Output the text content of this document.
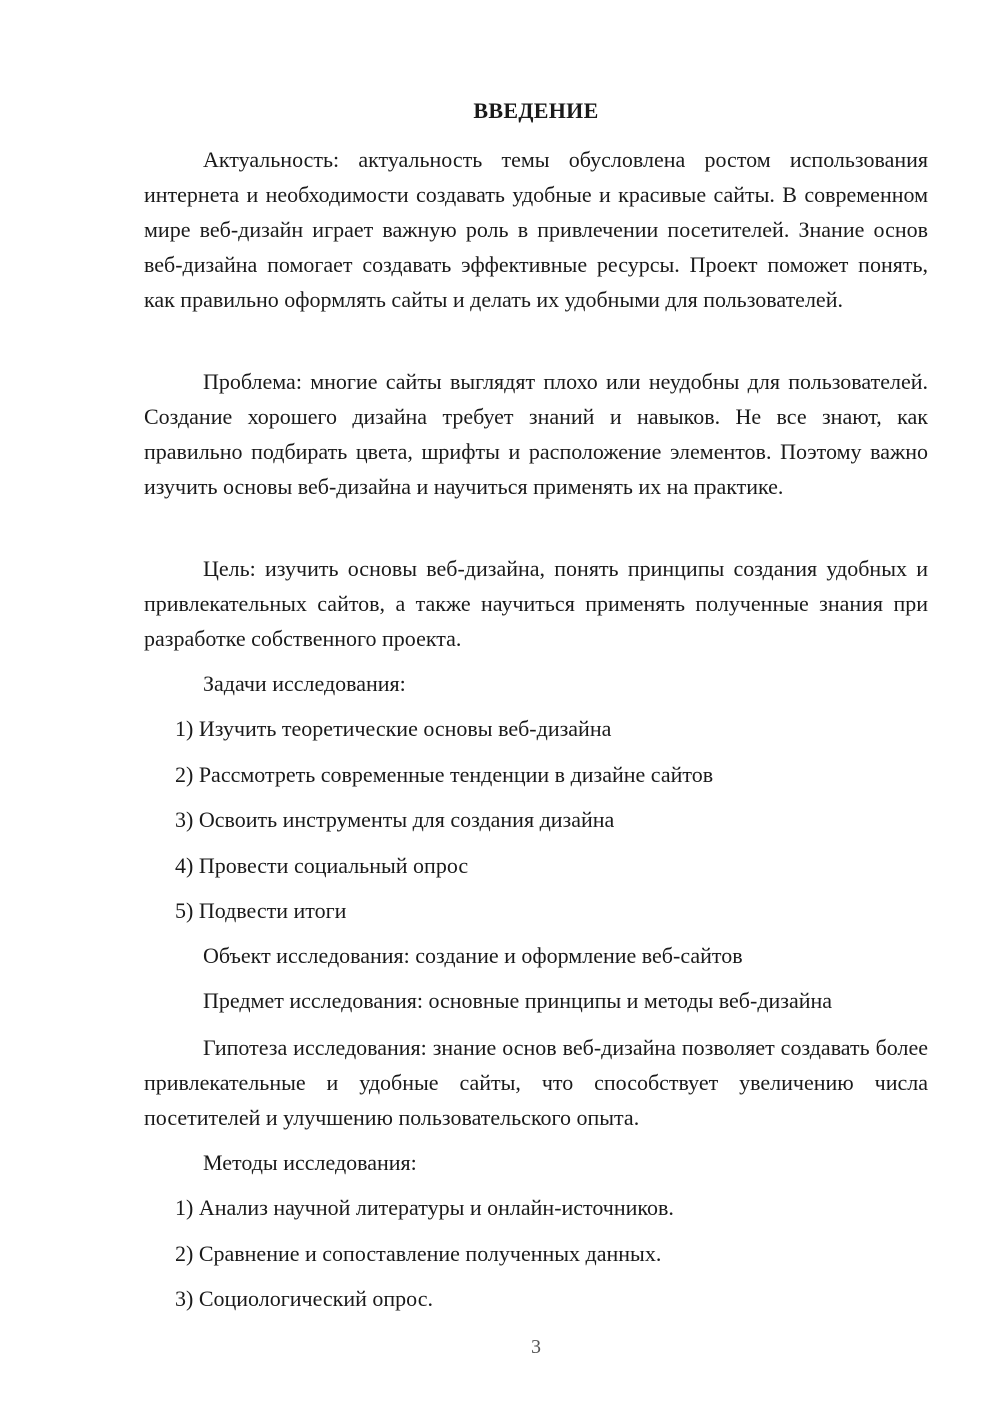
ВВЕДЕНИЕ

Актуальность: актуальность темы обусловлена ростом использования интернета и необходимости создавать удобные и красивые сайты. В современном мире веб-дизайн играет важную роль в привлечении посетителей. Знание основ веб-дизайна помогает создавать эффективные ресурсы. Проект поможет понять, как правильно оформлять сайты и делать их удобными для пользователей.

Проблема: многие сайты выглядят плохо или неудобны для пользователей. Создание хорошего дизайна требует знаний и навыков. Не все знают, как правильно подбирать цвета, шрифты и расположение элементов. Поэтому важно изучить основы веб-дизайна и научиться применять их на практике.

Цель: изучить основы веб-дизайна, понять принципы создания удобных и привлекательных сайтов, а также научиться применять полученные знания при разработке собственного проекта.

Задачи исследования:
1) Изучить теоретические основы веб-дизайна
2) Рассмотреть современные тенденции в дизайне сайтов
3) Освоить инструменты для создания дизайна
4) Провести социальный опрос
5) Подвести итоги
Объект исследования: создание и оформление веб-сайтов
Предмет исследования: основные принципы и методы веб-дизайна

Гипотеза исследования: знание основ веб-дизайна позволяет создавать более привлекательные и удобные сайты, что способствует увеличению числа посетителей и улучшению пользовательского опыта.

Методы исследования:
1) Анализ научной литературы и онлайн-источников.
2) Сравнение и сопоставление полученных данных.
3) Социологический опрос.
3
